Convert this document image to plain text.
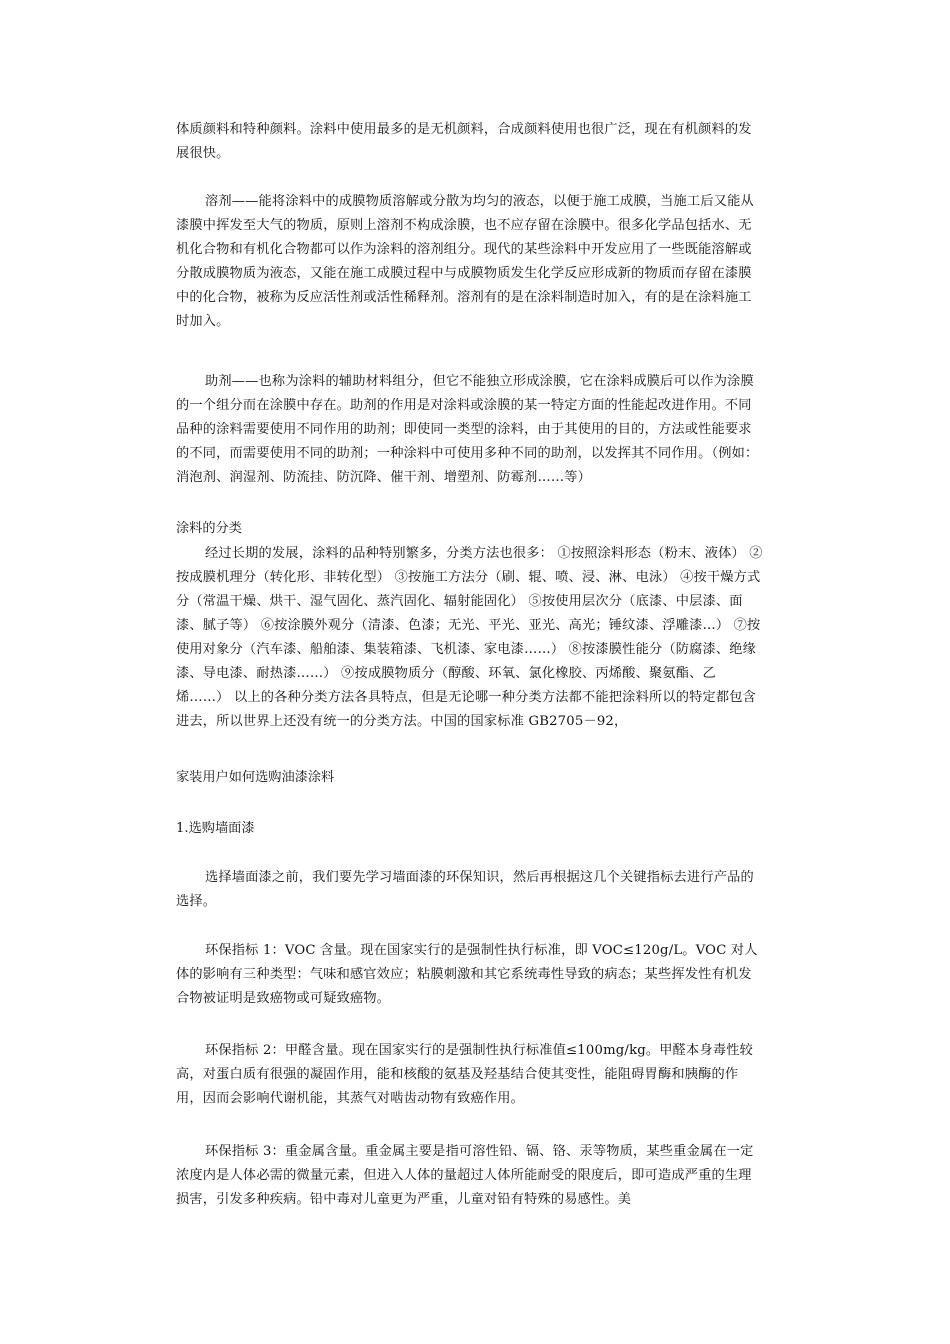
体质颜料和特种颜料。涂料中使用最多的是无机颜料，合成颜料使用也很广泛，现在有机颜料的发展很快。
溶剂——能将涂料中的成膜物质溶解或分散为均匀的液态，以便于施工成膜，当施工后又能从漆膜中挥发至大气的物质，原则上溶剂不构成涂膜，也不应存留在涂膜中。很多化学品包括水、无机化合物和有机化合物都可以作为涂料的溶剂组分。现代的某些涂料中开发应用了一些既能溶解或分散成膜物质为液态，又能在施工成膜过程中与成膜物质发生化学反应形成新的物质而存留在漆膜中的化合物，被称为反应活性剂或活性稀释剂。溶剂有的是在涂料制造时加入，有的是在涂料施工时加入。
助剂——也称为涂料的辅助材料组分，但它不能独立形成涂膜，它在涂料成膜后可以作为涂膜的一个组分而在涂膜中存在。助剂的作用是对涂料或涂膜的某一特定方面的性能起改进作用。不同品种的涂料需要使用不同作用的助剂；即使同一类型的涂料，由于其使用的目的，方法或性能要求的不同，而需要使用不同的助剂；一种涂料中可使用多种不同的助剂，以发挥其不同作用。（例如：消泡剂、润湿剂、防流挂、防沉降、催干剂、增塑剂、防霉剂……等）
涂料的分类
经过长期的发展，涂料的品种特别繁多，分类方法也很多： ①按照涂料形态（粉末、液体） ②按成膜机理分（转化形、非转化型） ③按施工方法分（刷、辊、喷、浸、淋、电泳） ④按干燥方式分（常温干燥、烘干、湿气固化、蒸汽固化、辐射能固化） ⑤按使用层次分（底漆、中层漆、面漆、腻子等） ⑥按涂膜外观分（清漆、色漆；无光、平光、亚光、高光；锤纹漆、浮雕漆…） ⑦按使用对象分（汽车漆、船舶漆、集装箱漆、飞机漆、家电漆……） ⑧按漆膜性能分（防腐漆、绝缘漆、导电漆、耐热漆……） ⑨按成膜物质分（醇酸、环氧、氯化橡胶、丙烯酸、聚氨酯、乙烯……） 以上的各种分类方法各具特点，但是无论哪一种分类方法都不能把涂料所以的特定都包含进去，所以世界上还没有统一的分类方法。中国的国家标准 GB2705－92，
家装用户如何选购油漆涂料
1.选购墙面漆
选择墙面漆之前，我们要先学习墙面漆的环保知识，然后再根据这几个关键指标去进行产品的选择。
环保指标 1：VOC 含量。现在国家实行的是强制性执行标准，即 VOC≤120g/L。VOC 对人体的影响有三种类型：气味和感官效应；粘膜刺激和其它系统毒性导致的病态；某些挥发性有机发合物被证明是致癌物或可疑致癌物。
环保指标 2：甲醛含量。现在国家实行的是强制性执行标准值≤100mg/kg。甲醛本身毒性较高，对蛋白质有很强的凝固作用，能和核酸的氨基及羟基结合使其变性，能阻碍胃酶和胰酶的作用，因而会影响代谢机能，其蒸气对啮齿动物有致癌作用。
环保指标 3：重金属含量。重金属主要是指可溶性铅、镉、铬、汞等物质，某些重金属在一定浓度内是人体必需的微量元素，但进入人体的量超过人体所能耐受的限度后，即可造成严重的生理损害，引发多种疾病。铅中毒对儿童更为严重，儿童对铅有特殊的易感性。美
